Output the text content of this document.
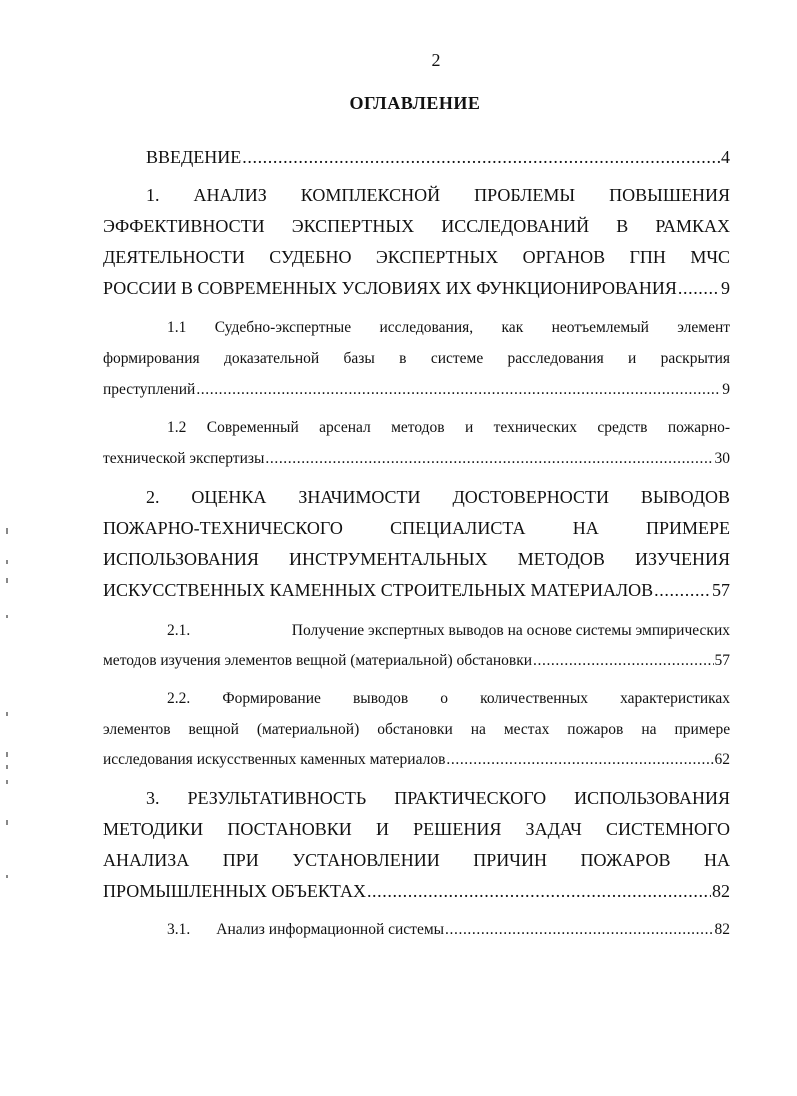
2
ОГЛАВЛЕНИЕ
ВВЕДЕНИЕ .....	4
1. АНАЛИЗ КОМПЛЕКСНОЙ ПРОБЛЕМЫ ПОВЫШЕНИЯ
ЭФФЕКТИВНОСТИ ЭКСПЕРТНЫХ ИССЛЕДОВАНИЙ В РАМКАХ
ДЕЯТЕЛЬНОСТИ СУДЕБНО ЭКСПЕРТНЫХ ОРГАНОВ ГПН МЧС
РОССИИ В СОВРЕМЕННЫХ УСЛОВИЯХ ИХ ФУНКЦИОНИРОВАНИЯ ..... 9
1.1 Судебно-экспертные исследования, как неотъемлемый элемент
формирования доказательной базы в системе расследования и раскрытия
преступлений .....	9
1.2 Современный арсенал методов и технических средств пожарно-
технической экспертизы .....	30
2. ОЦЕНКА ЗНАЧИМОСТИ ДОСТОВЕРНОСТИ ВЫВОДОВ
ПОЖАРНО-ТЕХНИЧЕСКОГО	СПЕЦИАЛИСТА	НА	ПРИМЕРЕ
ИСПОЛЬЗОВАНИЯ ИНСТРУМЕНТАЛЬНЫХ МЕТОДОВ ИЗУЧЕНИЯ
ИСКУССТВЕННЫХ КАМЕННЫХ СТРОИТЕЛЬНЫХ МАТЕРИАЛОВ .....	57
2.1.	Получение экспертных выводов на основе системы эмпирических
методов изучения элементов вещной (материальной) обстановки .....	57
2.2. Формирование выводов о количественных характеристиках
элементов вещной (материальной) обстановки на местах пожаров на примере
исследования искусственных каменных материалов .....	62
3. РЕЗУЛЬТАТИВНОСТЬ ПРАКТИЧЕСКОГО ИСПОЛЬЗОВАНИЯ
МЕТОДИКИ ПОСТАНОВКИ И РЕШЕНИЯ ЗАДАЧ СИСТЕМНОГО
АНАЛИЗА ПРИ УСТАНОВЛЕНИИ ПРИЧИН ПОЖАРОВ НА
ПРОМЫШЛЕННЫХ ОБЪЕКТАХ .....	82
3.1. Анализ информационной системы .....	82
